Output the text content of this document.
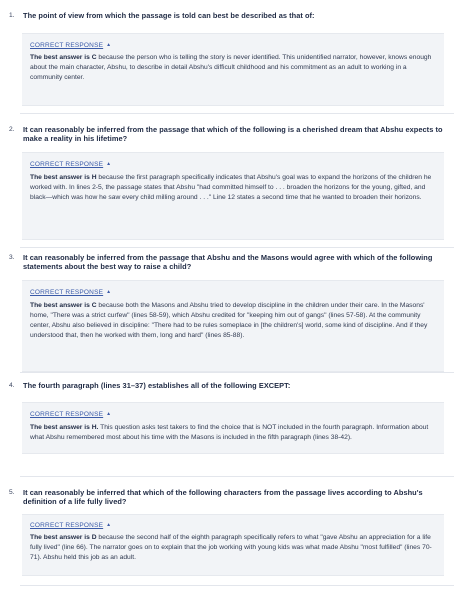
1.	The point of view from which the passage is told can best be described as that of:
CORRECT RESPONSE ▲
The best answer is C because the person who is telling the story is never identified. This unidentified narrator, however, knows enough about the main character, Abshu, to describe in detail Abshu's difficult childhood and his commitment as an adult to working in a community center.
2.	It can reasonably be inferred from the passage that which of the following is a cherished dream that Abshu expects to make a reality in his lifetime?
CORRECT RESPONSE ▲
The best answer is H because the first paragraph specifically indicates that Abshu's goal was to expand the horizons of the children he worked with. In lines 2-5, the passage states that Abshu "had committed himself to . . . broaden the horizons for the young, gifted, and black—which was how he saw every child milling around . . ." Line 12 states a second time that he wanted to broaden their horizons.
3.	It can reasonably be inferred from the passage that Abshu and the Masons would agree with which of the following statements about the best way to raise a child?
CORRECT RESPONSE ▲
The best answer is C because both the Masons and Abshu tried to develop discipline in the children under their care. In the Masons' home, "There was a strict curfew" (lines 58-59), which Abshu credited for "keeping him out of gangs" (lines 57-58). At the community center, Abshu also believed in discipline: "There had to be rules someplace in [the children's] world, some kind of discipline. And if they understood that, then he worked with them, long and hard" (lines 85-88).
4.	The fourth paragraph (lines 31–37) establishes all of the following EXCEPT:
CORRECT RESPONSE ▲
The best answer is H. This question asks test takers to find the choice that is NOT included in the fourth paragraph. Information about what Abshu remembered most about his time with the Masons is included in the fifth paragraph (lines 38-42).
5.	It can reasonably be inferred that which of the following characters from the passage lives according to Abshu's definition of a life fully lived?
CORRECT RESPONSE ▲
The best answer is D because the second half of the eighth paragraph specifically refers to what "gave Abshu an appreciation for a life fully lived" (line 66). The narrator goes on to explain that the job working with young kids was what made Abshu "most fulfilled" (lines 70-71). Abshu held this job as an adult.
